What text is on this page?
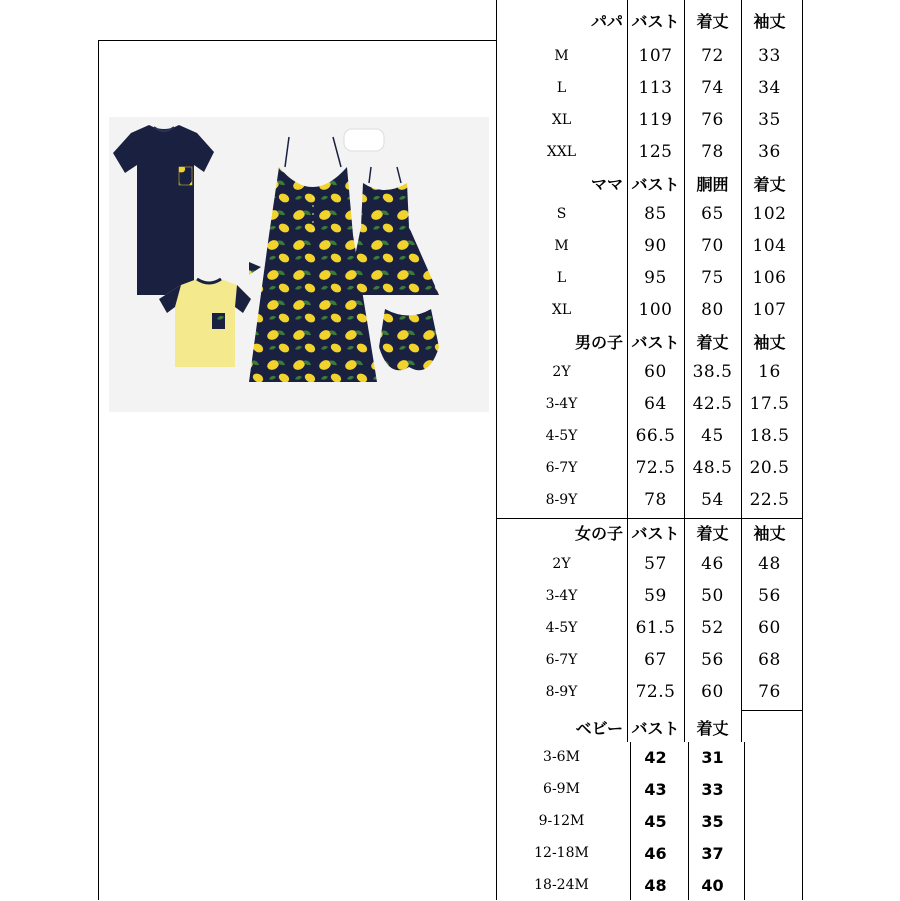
パパ バスト	着丈	袖丈
M	107	72	33
L	113	74	34
XL	119	76	35
XXL	125	78	36
ママ バスト	胴囲	着丈
S	85	65	102
M	90	70	104
L	95	75	106
XL	100	80	107
男の子 バスト	着丈	袖丈
2Y	60	38.5	16
3-4Y	64	42.5	17.5
4-5Y	66.5	45	18.5
6-7Y	72.5	48.5	20.5
8-9Y	78	54	22.5
女の子 バスト	着丈	袖丈
2Y	57	46	48
3-4Y	59	50	56
4-5Y	61.5	52	60
6-7Y	67	56	68
8-9Y	72.5	60	76
ベビー バスト	着丈
3-6M	42	31
6-9M	43	33
9-12M	45	35
12-18M	46	37
18-24M	48	40
